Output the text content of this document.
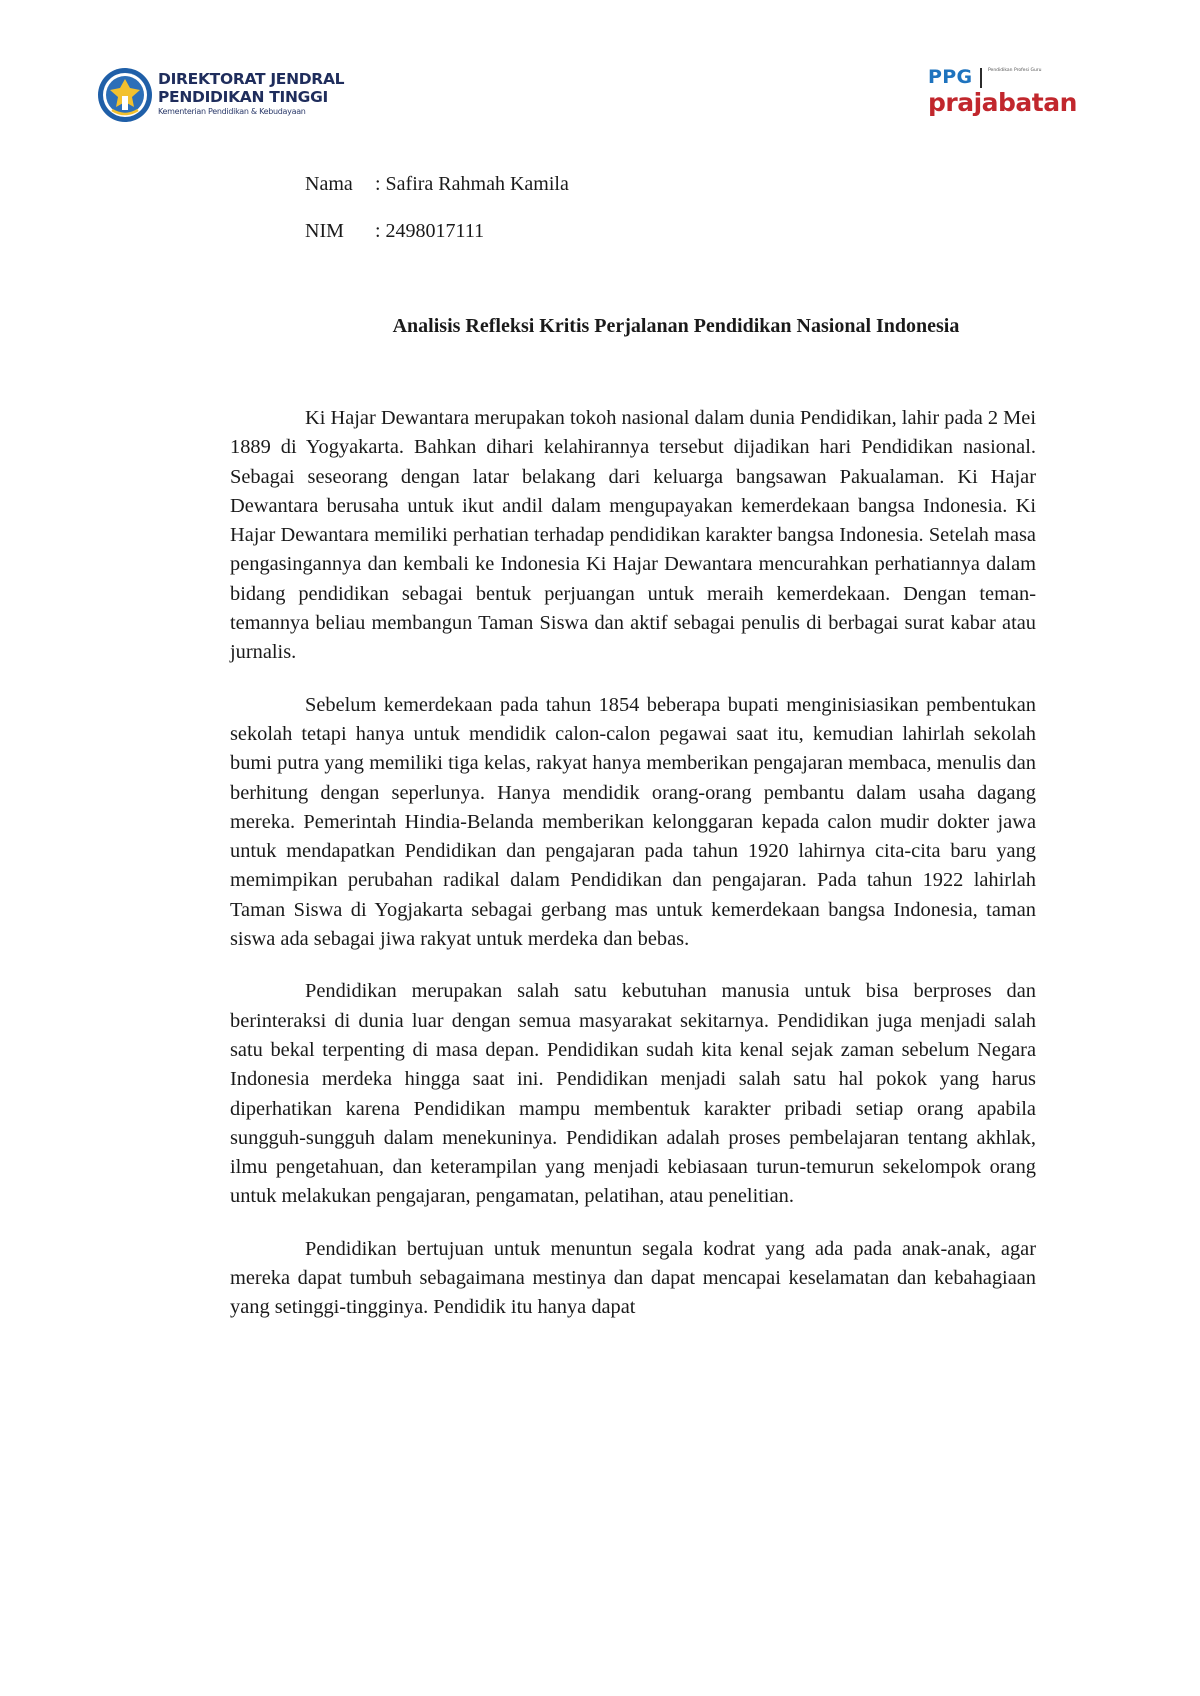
DIREKTORAT JENDRAL
PENDIDIKAN TINGGI
Kementerian Pendidikan & Kebudayaan
PPG	Pendidikan Profesi Guru
prajabatan
Nama : Safira Rahmah Kamila
NIM : 2498017111
Analisis Refleksi Kritis Perjalanan Pendidikan Nasional Indonesia

Ki Hajar Dewantara merupakan tokoh nasional dalam dunia Pendidikan, lahir pada 2 Mei 1889 di Yogyakarta. Bahkan dihari kelahirannya tersebut dijadikan hari Pendidikan nasional. Sebagai seseorang dengan latar belakang dari keluarga bangsawan Pakualaman. Ki Hajar Dewantara berusaha untuk ikut andil dalam mengupayakan kemerdekaan bangsa Indonesia. Ki Hajar Dewantara memiliki perhatian terhadap pendidikan karakter bangsa Indonesia. Setelah masa pengasingannya dan kembali ke Indonesia Ki Hajar Dewantara mencurahkan perhatiannya dalam bidang pendidikan sebagai bentuk perjuangan untuk meraih kemerdekaan. Dengan teman-temannya beliau membangun Taman Siswa dan aktif sebagai penulis di berbagai surat kabar atau jurnalis.

Sebelum kemerdekaan pada tahun 1854 beberapa bupati menginisiasikan pembentukan sekolah tetapi hanya untuk mendidik calon-calon pegawai saat itu, kemudian lahirlah sekolah bumi putra yang memiliki tiga kelas, rakyat hanya memberikan pengajaran membaca, menulis dan berhitung dengan seperlunya. Hanya mendidik orang-orang pembantu dalam usaha dagang mereka. Pemerintah Hindia-Belanda memberikan kelonggaran kepada calon mudir dokter jawa untuk mendapatkan Pendidikan dan pengajaran pada tahun 1920 lahirnya cita-cita baru yang memimpikan perubahan radikal dalam Pendidikan dan pengajaran. Pada tahun 1922 lahirlah Taman Siswa di Yogjakarta sebagai gerbang mas untuk kemerdekaan bangsa Indonesia, taman siswa ada sebagai jiwa rakyat untuk merdeka dan bebas.

Pendidikan merupakan salah satu kebutuhan manusia untuk bisa berproses dan berinteraksi di dunia luar dengan semua masyarakat sekitarnya. Pendidikan juga menjadi salah satu bekal terpenting di masa depan. Pendidikan sudah kita kenal sejak zaman sebelum Negara Indonesia merdeka hingga saat ini. Pendidikan menjadi salah satu hal pokok yang harus diperhatikan karena Pendidikan mampu membentuk karakter pribadi setiap orang apabila sungguh-sungguh dalam menekuninya. Pendidikan adalah proses pembelajaran tentang akhlak, ilmu pengetahuan, dan keterampilan yang menjadi kebiasaan turun-temurun sekelompok orang untuk melakukan pengajaran, pengamatan, pelatihan, atau penelitian.

Pendidikan bertujuan untuk menuntun segala kodrat yang ada pada anak-anak, agar mereka dapat tumbuh sebagaimana mestinya dan dapat mencapai keselamatan dan kebahagiaan yang setinggi-tingginya. Pendidik itu hanya dapat
